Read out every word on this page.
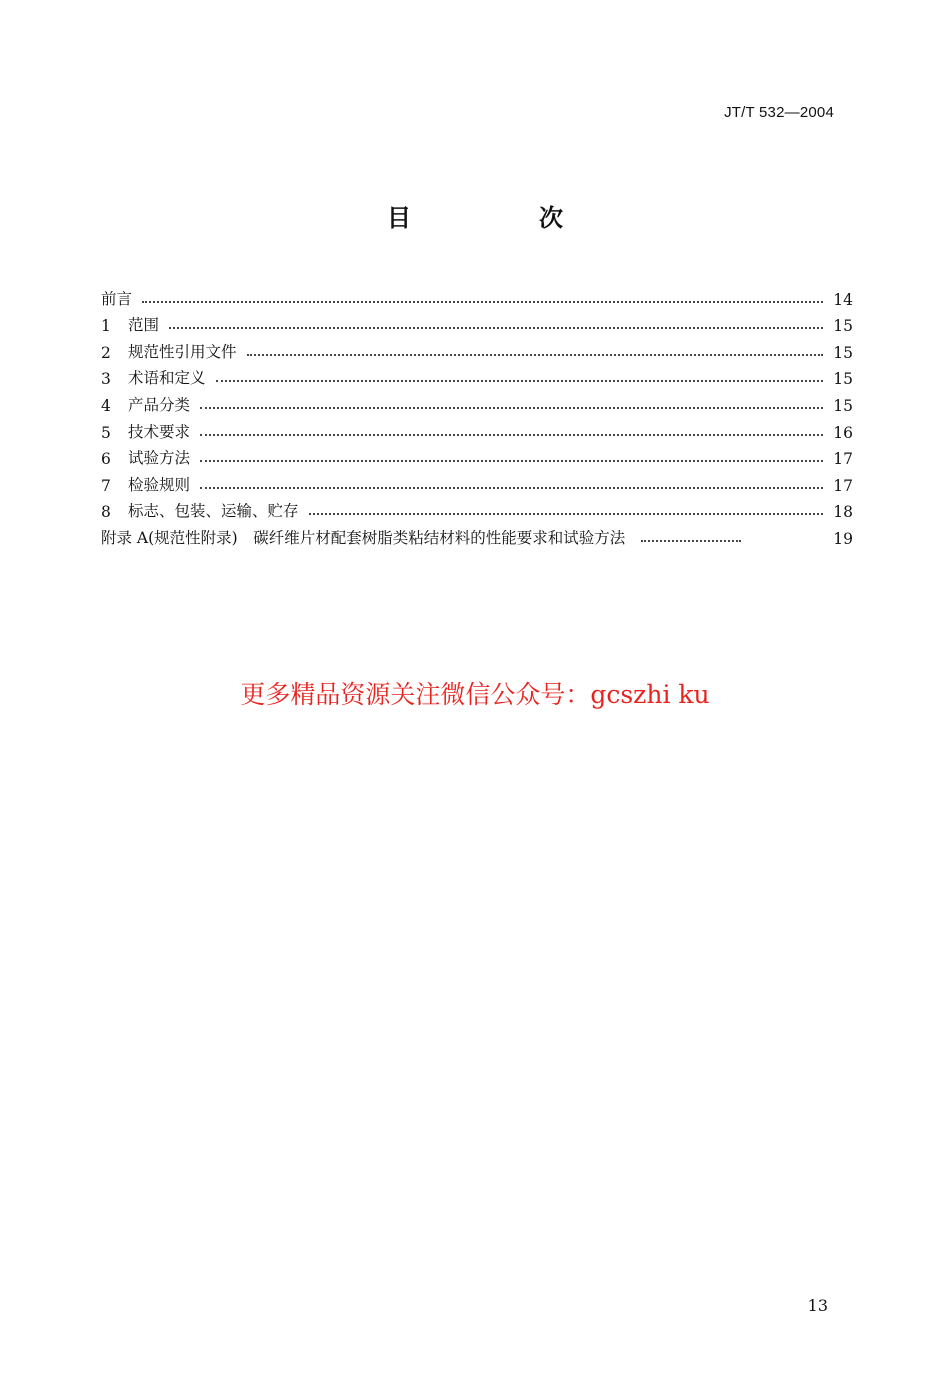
JT/T 532—2004
目　次
前言	14
1	范围	15
2	规范性引用文件	15
3	术语和定义	15
4	产品分类	15
5	技术要求	16
6	试验方法	17
7	检验规则	17
8	标志、包装、运输、贮存	18
附录 A(规范性附录)　碳纤维片材配套树脂类粘结材料的性能要求和试验方法	19
更多精品资源关注微信公众号：gcszhi ku
13
